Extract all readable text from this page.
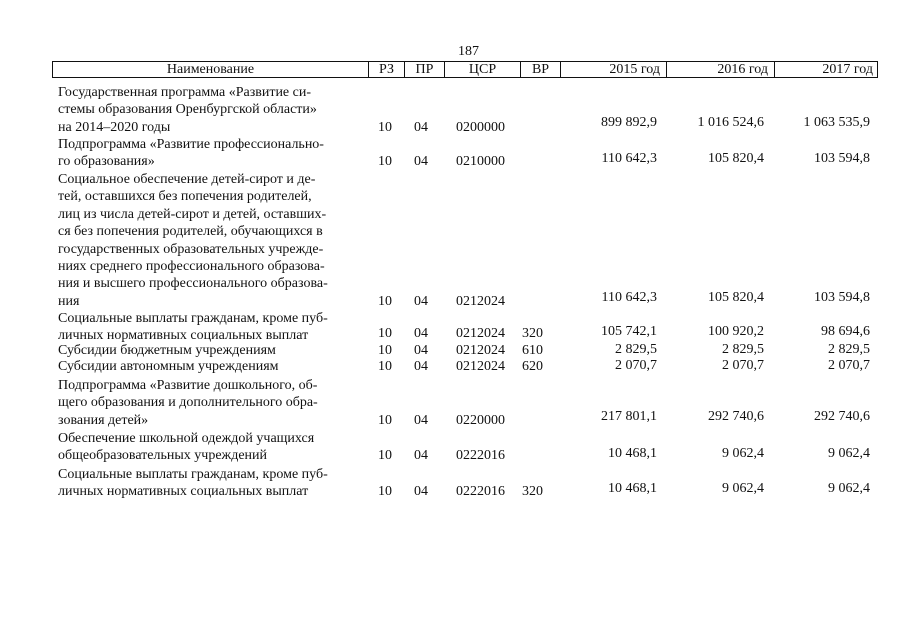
187
Наименование	РЗ	ПР	ЦСР	ВР	2015 год	2016 год	2017 год
Государственная программа «Развитие си-
стемы образования Оренбургской области»
на 2014–2020 годы	10 04 0200000	899 892,9	1 016 524,6	1 063 535,9
Подпрограмма «Развитие профессионально-
го образования»	10 04 0210000	110 642,3	105 820,4	103 594,8
Социальное обеспечение детей-сирот и де-
тей, оставшихся без попечения родителей,
лиц из числа детей-сирот и детей, оставших-
ся без попечения родителей, обучающихся в
государственных образовательных учрежде-
ниях среднего профессионального образова-
ния и высшего профессионального образова-
ния	10 04 0212024	110 642,3	105 820,4	103 594,8
Социальные выплаты гражданам, кроме пуб-
личных нормативных социальных выплат	10 04 0212024 320	105 742,1	100 920,2	98 694,6
Субсидии бюджетным учреждениям	10 04 0212024 610	2 829,5	2 829,5	2 829,5
Субсидии автономным учреждениям	10 04 0212024 620	2 070,7	2 070,7	2 070,7
Подпрограмма «Развитие дошкольного, об-
щего образования и дополнительного обра-
зования детей»	10 04 0220000	217 801,1	292 740,6	292 740,6
Обеспечение школьной одеждой учащихся
общеобразовательных учреждений	10 04 0222016	10 468,1	9 062,4	9 062,4
Социальные выплаты гражданам, кроме пуб-
личных нормативных социальных выплат	10 04 0222016 320	10 468,1	9 062,4	9 062,4
